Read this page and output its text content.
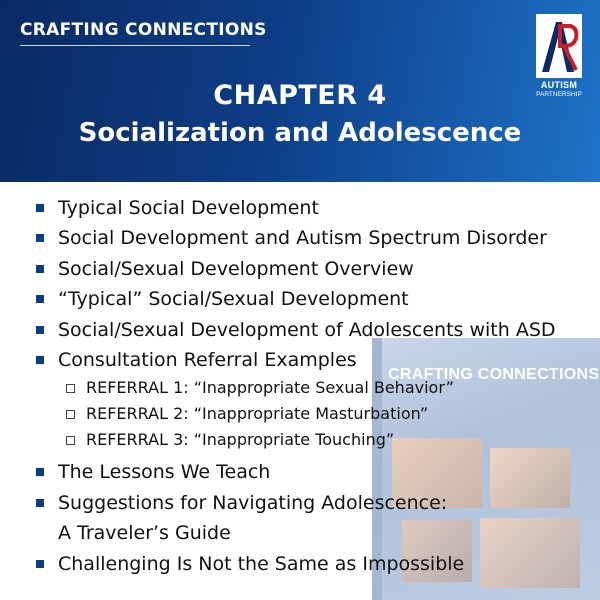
CRAFTING CONNECTIONS
AUTISM
PARTNERSHIP
CHAPTER 4
Socialization and Adolescence
CRAFTING CONNECTIONS
Typical Social Development
Social Development and Autism Spectrum Disorder
Social/Sexual Development Overview
“Typical” Social/Sexual Development
Social/Sexual Development of Adolescents with ASD
Consultation Referral Examples
REFERRAL 1: “Inappropriate Sexual Behavior”
REFERRAL 2: “Inappropriate Masturbation”
REFERRAL 3: “Inappropriate Touching”
The Lessons We Teach
Suggestions for Navigating Adolescence:
A Traveler’s Guide
Challenging Is Not the Same as Impossible
